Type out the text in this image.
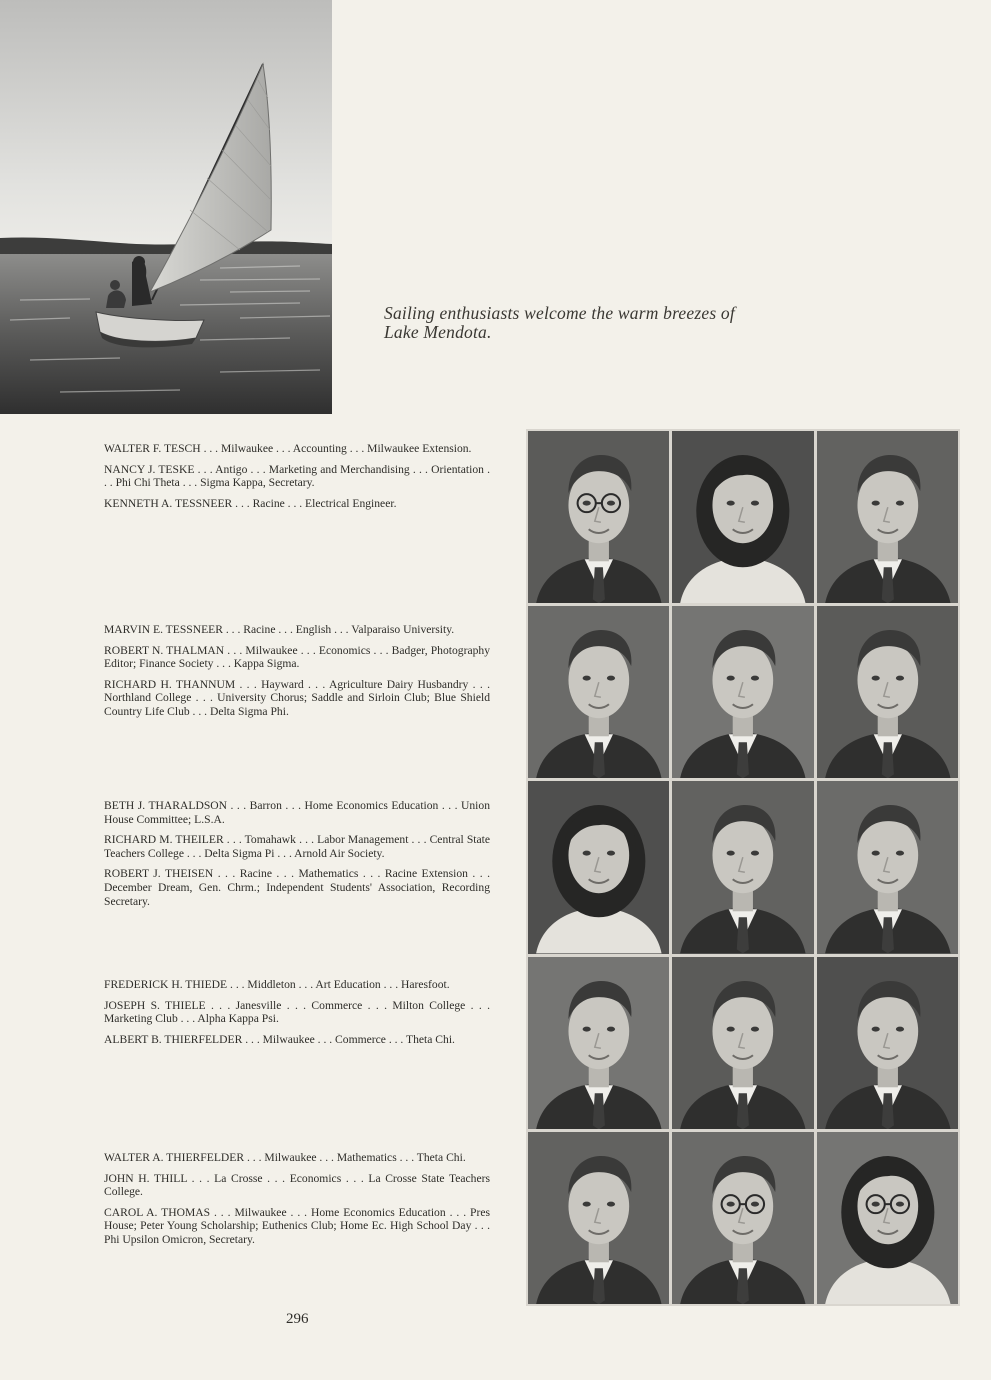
Sailing enthusiasts welcome the warm breezes of
Lake Mendota.

WALTER F. TESCH . . . Milwaukee . . . Accounting . . . Milwaukee Extension.

NANCY J. TESKE . . . Antigo . . . Marketing and Merchandising . . . Orientation . . . Phi Chi Theta . . . Sigma Kappa, Secretary.

KENNETH A. TESSNEER . . . Racine . . . Electrical Engineer.

MARVIN E. TESSNEER . . . Racine . . . English . . . Valparaiso University.

ROBERT N. THALMAN . . . Milwaukee . . . Economics . . . Badger, Photography Editor; Finance Society . . . Kappa Sigma.

RICHARD H. THANNUM . . . Hayward . . . Agriculture Dairy Husbandry . . . Northland College . . . University Chorus; Saddle and Sirloin Club; Blue Shield Country Life Club . . . Delta Sigma Phi.

BETH J. THARALDSON . . . Barron . . . Home Economics Education . . . Union House Committee; L.S.A.

RICHARD M. THEILER . . . Tomahawk . . . Labor Management . . . Central State Teachers College . . . Delta Sigma Pi . . . Arnold Air Society.

ROBERT J. THEISEN . . . Racine . . . Mathematics . . . Racine Extension . . . December Dream, Gen. Chrm.; Independent Students' Association, Recording Secretary.

FREDERICK H. THIEDE . . . Middleton . . . Art Education . . . Haresfoot.

JOSEPH S. THIELE . . . Janesville . . . Commerce . . . Milton College . . . Marketing Club . . . Alpha Kappa Psi.

ALBERT B. THIERFELDER . . . Milwaukee . . . Commerce . . . Theta Chi.

WALTER A. THIERFELDER . . . Milwaukee . . . Mathematics . . . Theta Chi.

JOHN H. THILL . . . La Crosse . . . Economics . . . La Crosse State Teachers College.

CAROL A. THOMAS . . . Milwaukee . . . Home Economics Education . . . Pres House; Peter Young Scholarship; Euthenics Club; Home Ec. High School Day . . . Phi Upsilon Omicron, Secretary.

296
